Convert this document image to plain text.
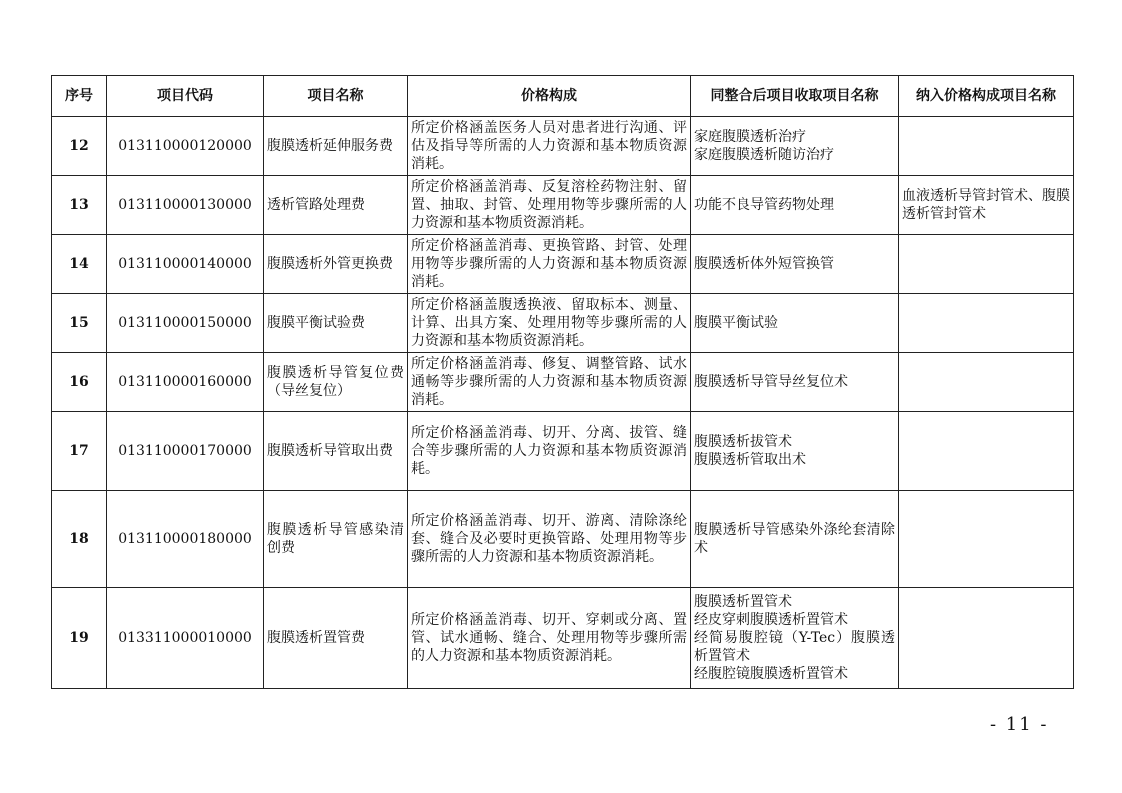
序号	项目代码	项目名称	价格构成	同整合后项目收取项目名称	纳入价格构成项目名称
12	013110000120000	腹膜透析延伸服务费	所定价格涵盖医务人员对患者进行沟通、评估及指导等所需的人力资源和基本物质资源消耗。	家庭腹膜透析治疗
家庭腹膜透析随访治疗	

13	013110000130000	透析管路处理费	所定价格涵盖消毒、反复溶栓药物注射、留置、抽取、封管、处理用物等步骤所需的人力资源和基本物质资源消耗。	功能不良导管药物处理	血液透析导管封管术、腹膜透析管封管术
14	013110000140000	腹膜透析外管更换费	所定价格涵盖消毒、更换管路、封管、处理用物等步骤所需的人力资源和基本物质资源消耗。	腹膜透析体外短管换管	

15	013110000150000	腹膜平衡试验费	所定价格涵盖腹透换液、留取标本、测量、计算、出具方案、处理用物等步骤所需的人力资源和基本物质资源消耗。	腹膜平衡试验	

16	013110000160000	腹膜透析导管复位费（导丝复位）	所定价格涵盖消毒、修复、调整管路、试水通畅等步骤所需的人力资源和基本物质资源消耗。	腹膜透析导管导丝复位术	

17	013110000170000	腹膜透析导管取出费	所定价格涵盖消毒、切开、分离、拔管、缝合等步骤所需的人力资源和基本物质资源消耗。	腹膜透析拔管术
腹膜透析管取出术	

18	013110000180000	腹膜透析导管感染清创费	所定价格涵盖消毒、切开、游离、清除涤纶套、缝合及必要时更换管路、处理用物等步骤所需的人力资源和基本物质资源消耗。	腹膜透析导管感染外涤纶套清除术	

19	013311000010000	腹膜透析置管费	所定价格涵盖消毒、切开、穿刺或分离、置管、试水通畅、缝合、处理用物等步骤所需的人力资源和基本物质资源消耗。	腹膜透析置管术
经皮穿刺腹膜透析置管术
经简易腹腔镜（Y-Tec）腹膜透析置管术
经腹腔镜腹膜透析置管术	

- 11 -
